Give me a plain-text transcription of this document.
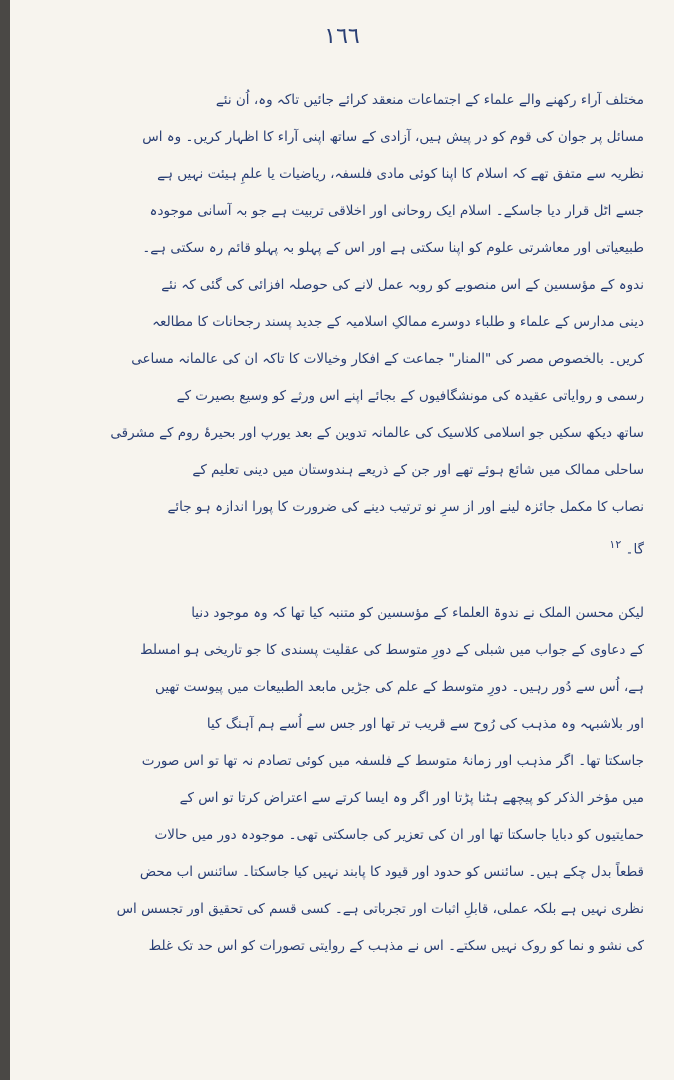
١٦٦
مختلف آراء رکھنے والے علماء کے اجتماعات منعقد کرائے جائیں تاکہ وہ، اُن نئے
مسائل پر جوان کی قوم کو در پیش ہیں، آزادی کے ساتھ اپنی آراء کا اظہار کریں۔ وہ اس
نظریہ سے متفق تھے کہ اسلام کا اپنا کوئی مادی فلسفہ، ریاضیات یا علمِ ہیئت نہیں ہے
جسے اٹل قرار دیا جاسکے۔ اسلام ایک روحانی اور اخلاقی تربیت ہے جو بہ آسانی موجودہ
طبیعیاتی اور معاشرتی علوم کو اپنا سکتی ہے اور اس کے پہلو بہ پہلو قائم رہ سکتی ہے۔
ندوہ کے مؤسسین کے اس منصوبے کو روبہ عمل لانے کی حوصلہ افزائی کی گئی کہ نئے
دینی مدارس کے علماء و طلباء دوسرے ممالکِ اسلامیہ کے جدید پسند رجحانات کا مطالعہ
کریں۔ بالخصوص مصر کی "المنار" جماعت کے افکار وخیالات کا تاکہ ان کی عالمانہ مساعی
رسمی و روایاتی عقیدہ کی مونشگافیوں کے بجائے اپنے اس ورثے کو وسیع بصیرت کے
ساتھ دیکھ سکیں جو اسلامی کلاسیک کی عالمانہ تدوین کے بعد یورپ اور بحیرۂ روم کے مشرقی
ساحلی ممالک میں شائع ہوئے تھے اور جن کے ذریعے ہندوستان میں دینی تعلیم کے
نصاب کا مکمل جائزہ لینے اور از سرِ نو ترتیب دینے کی ضرورت کا پورا اندازہ ہو جائے
گا۔ $^{۱۲}$
لیکن محسن الملک نے ندوۃ العلماء کے مؤسسین کو متنبہ کیا تھا کہ وہ موجود دنیا
کے دعاوی کے جواب میں شبلی کے دورِ متوسط کی عقلیت پسندی کا جو تاریخی ہو امسلط
ہے، اُس سے دُور رہیں۔ دورِ متوسط کے علم کی جڑیں مابعد الطبیعات میں پیوست تھیں
اور بلاشبہہ وہ مذہب کی رُوح سے قریب تر تھا اور جس سے اُسے ہم آہنگ کیا
جاسکتا تھا۔ اگر مذہب اور زمانۂ متوسط کے فلسفہ میں کوئی تصادم نہ تھا تو اس صورت
میں مؤخر الذکر کو پیچھے ہٹنا پڑتا اور اگر وہ ایسا کرتے سے اعتراض کرتا تو اس کے
حمایتیوں کو دبایا جاسکتا تھا اور ان کی تعزیر کی جاسکتی تھی۔ موجودہ دور میں حالات
قطعاً بدل چکے ہیں۔ سائنس کو حدود اور قیود کا پابند نہیں کیا جاسکتا۔ سائنس اب محض
نظری نہیں ہے بلکہ عملی، قابلِ اثبات اور تجرباتی ہے۔ کسی قسم کی تحقیق اور تجسس اس
کی نشو و نما کو روک نہیں سکتے۔ اس نے مذہب کے روایتی تصورات کو اس حد تک غلط
